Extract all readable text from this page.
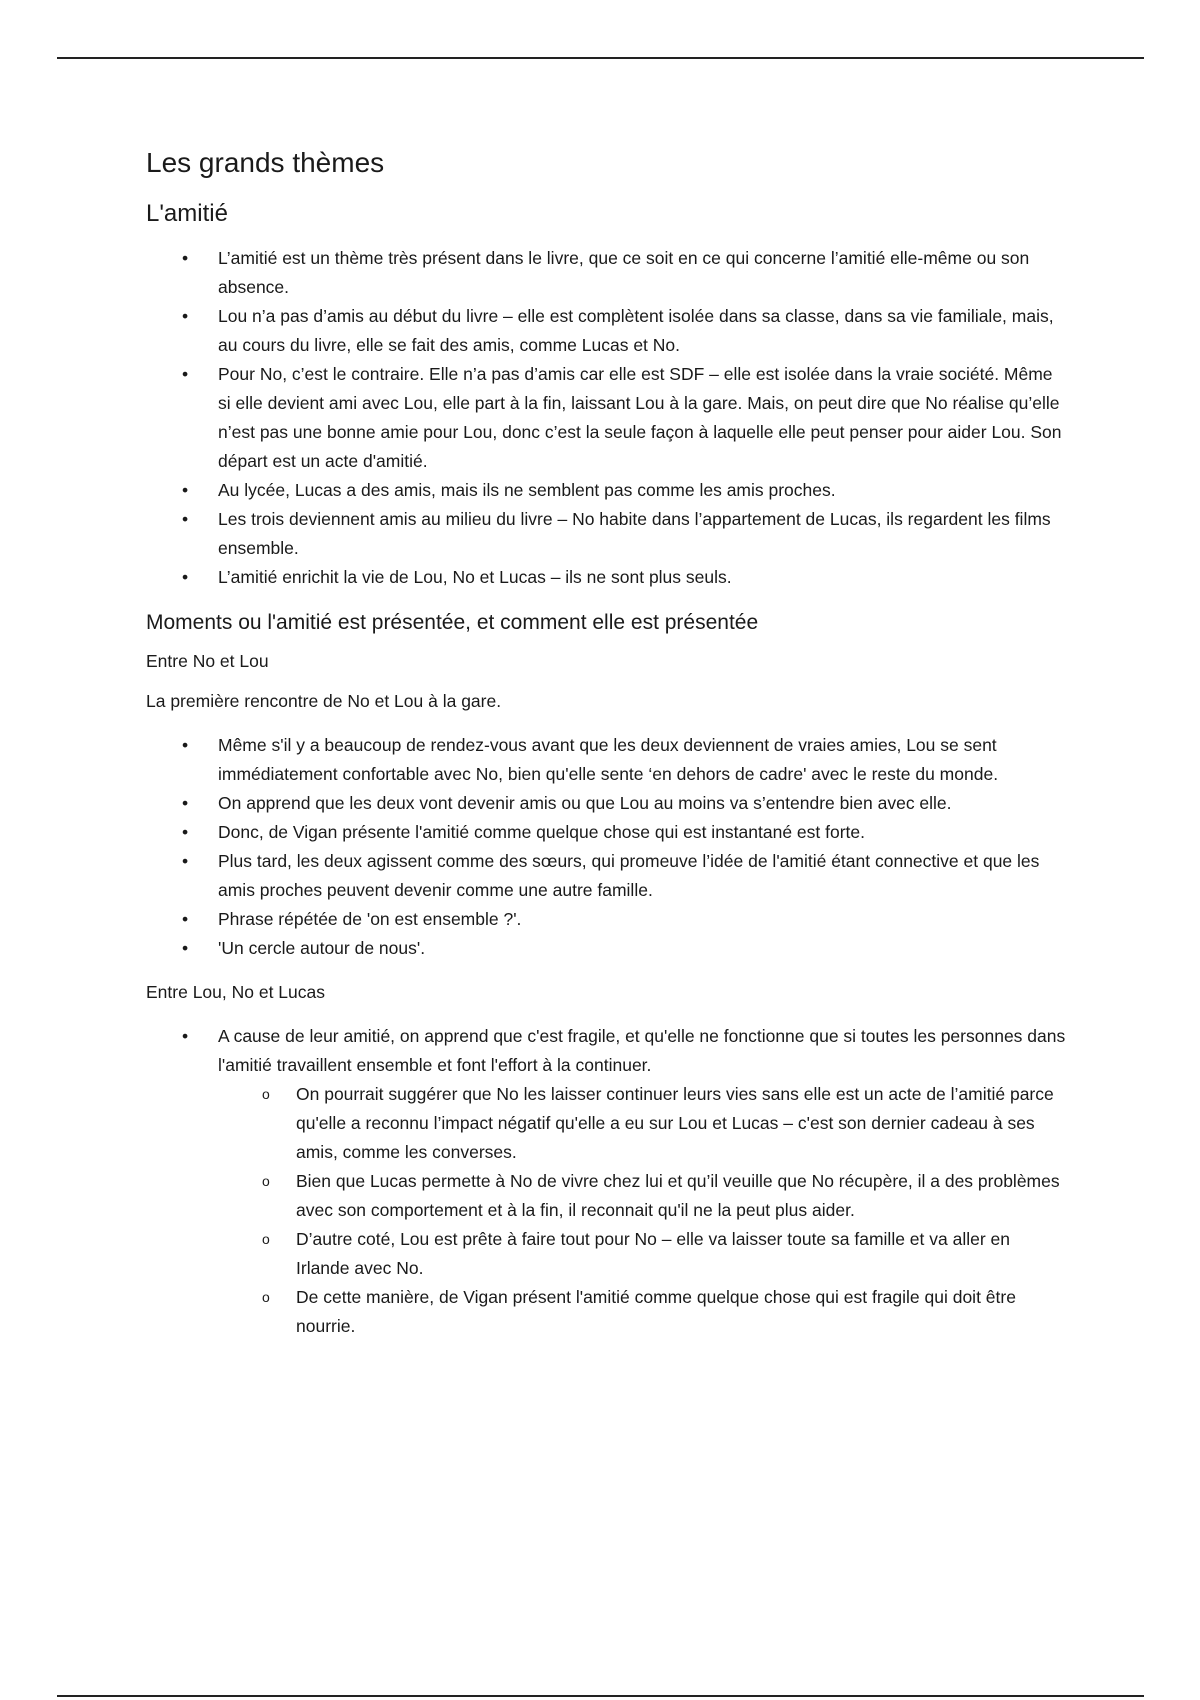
Les grands thèmes
L'amitié
• L’amitié est un thème très présent dans le livre, que ce soit en ce qui concerne l’amitié elle-même ou son absence.
• Lou n’a pas d’amis au début du livre – elle est complètent isolée dans sa classe, dans sa vie familiale, mais, au cours du livre, elle se fait des amis, comme Lucas et No.
• Pour No, c’est le contraire. Elle n’a pas d’amis car elle est SDF – elle est isolée dans la vraie société. Même si elle devient ami avec Lou, elle part à la fin, laissant Lou à la gare. Mais, on peut dire que No réalise qu’elle n’est pas une bonne amie pour Lou, donc c’est la seule façon à laquelle elle peut penser pour aider Lou. Son départ est un acte d'amitié.
• Au lycée, Lucas a des amis, mais ils ne semblent pas comme les amis proches.
• Les trois deviennent amis au milieu du livre – No habite dans l’appartement de Lucas, ils regardent les films ensemble.
• L’amitié enrichit la vie de Lou, No et Lucas – ils ne sont plus seuls.
Moments ou l'amitié est présentée, et comment elle est présentée

Entre No et Lou

La première rencontre de No et Lou à la gare.

• Même s'il y a beaucoup de rendez-vous avant que les deux deviennent de vraies amies, Lou se sent immédiatement confortable avec No, bien qu'elle sente ‘en dehors de cadre' avec le reste du monde.
• On apprend que les deux vont devenir amis ou que Lou au moins va s’entendre bien avec elle.
• Donc, de Vigan présente l'amitié comme quelque chose qui est instantané est forte.
• Plus tard, les deux agissent comme des sœurs, qui promeuve l’idée de l'amitié étant connective et que les amis proches peuvent devenir comme une autre famille.
• Phrase répétée de 'on est ensemble ?'.
• 'Un cercle autour de nous'.

Entre Lou, No et Lucas

• A cause de leur amitié, on apprend que c'est fragile, et qu'elle ne fonctionne que si toutes les personnes dans l'amitié travaillent ensemble et font l'effort à la continuer.
o On pourrait suggérer que No les laisser continuer leurs vies sans elle est un acte de l’amitié parce qu'elle a reconnu l’impact négatif qu'elle a eu sur Lou et Lucas – c'est son dernier cadeau à ses amis, comme les converses.
o Bien que Lucas permette à No de vivre chez lui et qu’il veuille que No récupère, il a des problèmes avec son comportement et à la fin, il reconnait qu'il ne la peut plus aider.
o D’autre coté, Lou est prête à faire tout pour No – elle va laisser toute sa famille et va aller en Irlande avec No.
o De cette manière, de Vigan présent l'amitié comme quelque chose qui est fragile qui doit être nourrie.
